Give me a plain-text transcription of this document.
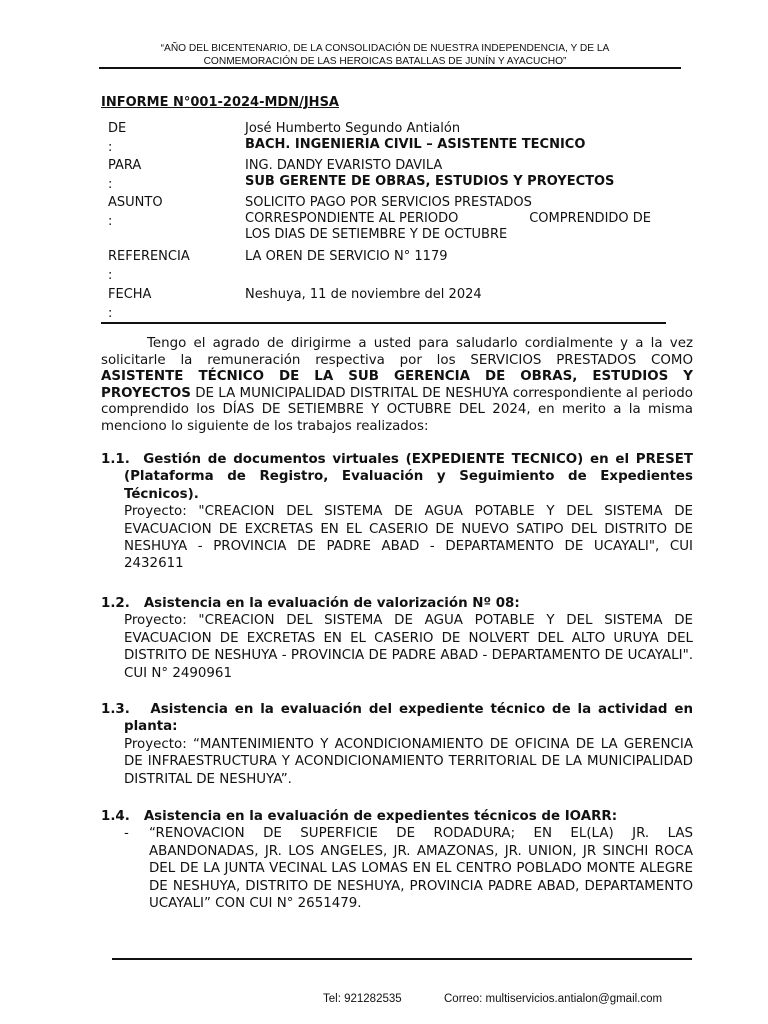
“AÑO DEL BICENTENARIO, DE LA CONSOLIDACIÓN DE NUESTRA INDEPENDENCIA, Y DE LA
CONMEMORACIÓN DE LAS HEROICAS BATALLAS DE JUNÍN Y AYACUCHO”
INFORME N°001-2024-MDN/JHSA
DE
:
José Humberto Segundo Antialón
BACH. INGENIERIA CIVIL – ASISTENTE TECNICO
PARA
:
ING. DANDY EVARISTO DAVILA
SUB GERENTE DE OBRAS, ESTUDIOS Y PROYECTOS
ASUNTO
:
SOLICITO PAGO POR SERVICIOS PRESTADOS
CORRESPONDIENTE AL PERIODO	COMPRENDIDO DE
LOS DIAS DE SETIEMBRE Y DE OCTUBRE
REFERENCIA
:
LA OREN DE SERVICIO N° 1179
FECHA
:
Neshuya, 11 de noviembre del 2024

Tengo el agrado de dirigirme a usted para saludarlo cordialmente y a la vez solicitarle la remuneración respectiva por los SERVICIOS PRESTADOS COMO ASISTENTE TÉCNICO DE LA SUB GERENCIA DE OBRAS, ESTUDIOS Y PROYECTOS DE LA MUNICIPALIDAD DISTRITAL DE NESHUYA correspondiente al periodo comprendido los DÍAS DE SETIEMBRE Y OCTUBRE DEL 2024, en merito a la misma menciono lo siguiente de los trabajos realizados:

1.1. Gestión de documentos virtuales (EXPEDIENTE TECNICO) en el PRESET (Plataforma de Registro, Evaluación y Seguimiento de Expedientes Técnicos).
Proyecto: "CREACION DEL SISTEMA DE AGUA POTABLE Y DEL SISTEMA DE EVACUACION DE EXCRETAS EN EL CASERIO DE NUEVO SATIPO DEL DISTRITO DE NESHUYA - PROVINCIA DE PADRE ABAD - DEPARTAMENTO DE UCAYALI", CUI 2432611
1.2. Asistencia en la evaluación de valorización Nº 08:
Proyecto: "CREACION DEL SISTEMA DE AGUA POTABLE Y DEL SISTEMA DE EVACUACION DE EXCRETAS EN EL CASERIO DE NOLVERT DEL ALTO URUYA DEL DISTRITO DE NESHUYA - PROVINCIA DE PADRE ABAD - DEPARTAMENTO DE UCAYALI". CUI N° 2490961
1.3. Asistencia en la evaluación del expediente técnico de la actividad en planta:
Proyecto: “MANTENIMIENTO Y ACONDICIONAMIENTO DE OFICINA DE LA GERENCIA DE INFRAESTRUCTURA Y ACONDICIONAMIENTO TERRITORIAL DE LA MUNICIPALIDAD DISTRITAL DE NESHUYA”.
1.4. Asistencia en la evaluación de expedientes técnicos de IOARR:
-	“RENOVACION DE SUPERFICIE DE RODADURA; EN EL(LA) JR. LAS ABANDONADAS, JR. LOS ANGELES, JR. AMAZONAS, JR. UNION, JR SINCHI ROCA DEL DE LA JUNTA VECINAL LAS LOMAS EN EL CENTRO POBLADO MONTE ALEGRE DE NESHUYA, DISTRITO DE NESHUYA, PROVINCIA PADRE ABAD, DEPARTAMENTO UCAYALI” CON CUI N° 2651479.
Tel: 921282535	Correo: multiservicios.antialon@gmail.com
